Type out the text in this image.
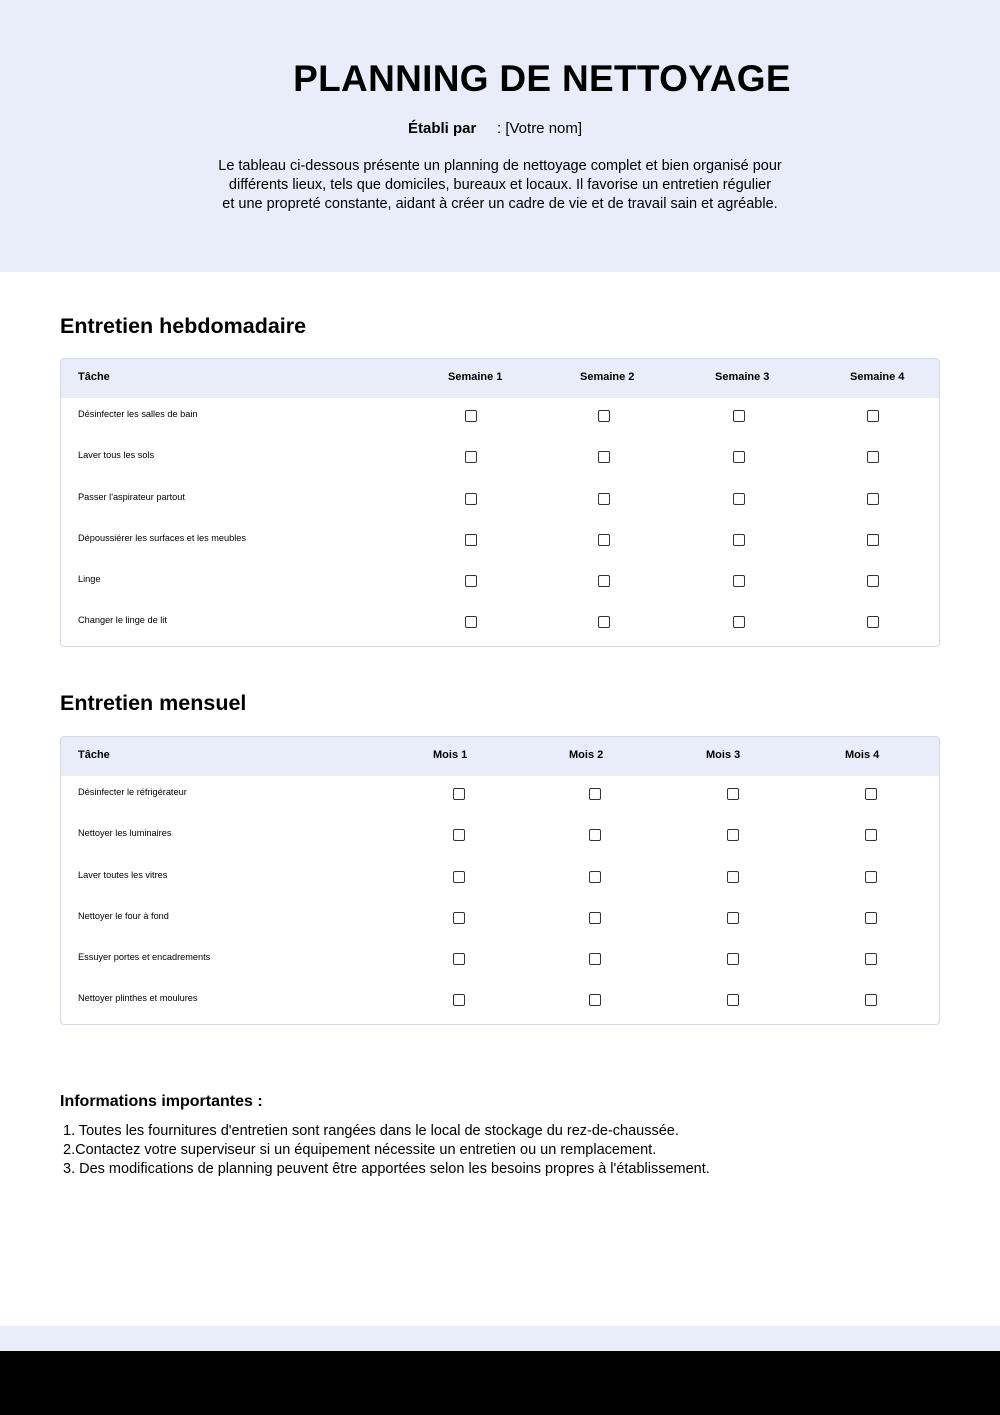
PLANNING DE NETTOYAGE
Établi par : [Votre nom]
Le tableau ci-dessous présente un planning de nettoyage complet et bien organisé pour
différents lieux, tels que domiciles, bureaux et locaux. Il favorise un entretien régulier
et une propreté constante, aidant à créer un cadre de vie et de travail sain et agréable.
Entretien hebdomadaire
Tâche	Semaine 1	Semaine 2	Semaine 3	Semaine 4
Désinfecter les salles de bain
Laver tous les sols
Passer l'aspirateur partout
Dépoussiérer les surfaces et les meubles
Linge
Changer le linge de lit
Entretien mensuel
Tâche	Mois 1	Mois 2	Mois 3	Mois 4
Désinfecter le réfrigérateur
Nettoyer les luminaires
Laver toutes les vitres
Nettoyer le four à fond
Essuyer portes et encadrements
Nettoyer plinthes et moulures
Informations importantes :
1. Toutes les fournitures d'entretien sont rangées dans le local de stockage du rez-de-chaussée.
2.Contactez votre superviseur si un équipement nécessite un entretien ou un remplacement.
3. Des modifications de planning peuvent être apportées selon les besoins propres à l'établissement.
